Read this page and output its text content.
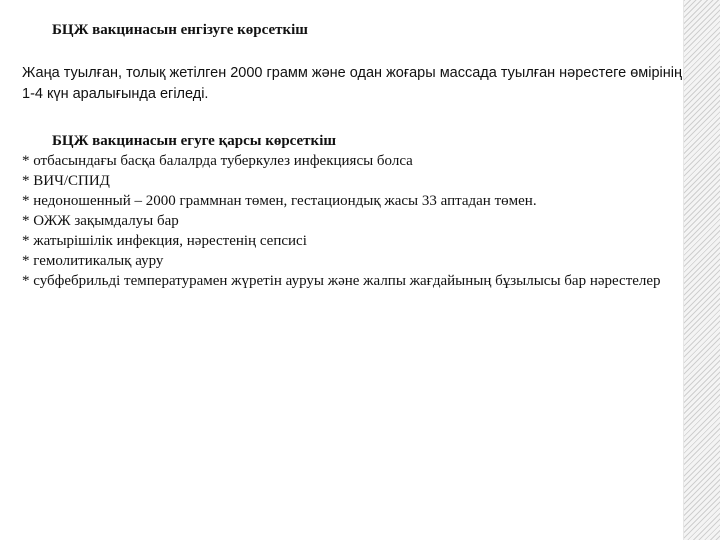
БЦЖ вакцинасын енгізуге көрсеткіш

Жаңа туылған, толық жетілген 2000 грамм және одан жоғары массада туылған нәрестеге өмірінің 1-4 күн аралығында егіледі.

БЦЖ вакцинасын егуге қарсы көрсеткіш

* отбасындағы басқа балалрда туберкулез инфекциясы болса
* ВИЧ/СПИД
* недоношенный – 2000 граммнан төмен, гестациондық жасы 33 аптадан төмен.
* ОЖЖ зақымдалуы бар
* жатырішілік инфекция, нәрестенің сепсисі
* гемолитикалық ауру
* субфебрильді температурамен жүретін ауруы және жалпы жағдайының бұзылысы бар нәрестелер
